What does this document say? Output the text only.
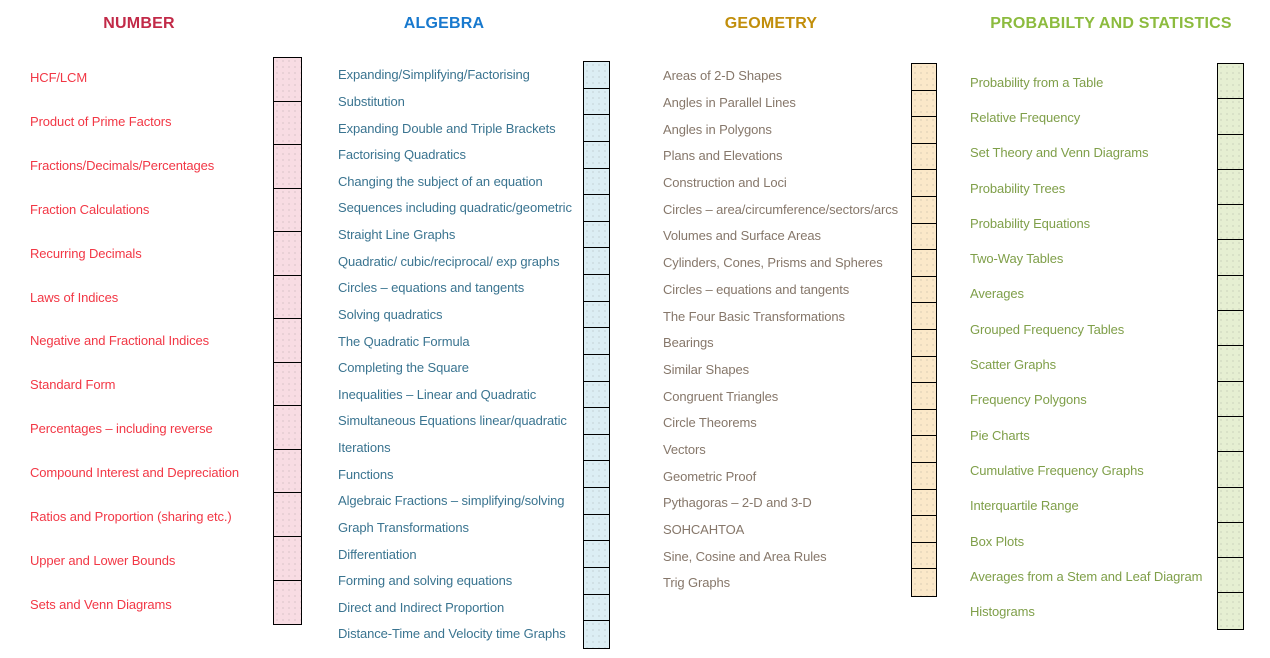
NUMBER
HCF/LCM
Product of Prime Factors
Fractions/Decimals/Percentages
Fraction Calculations
Recurring Decimals
Laws of Indices
Negative and Fractional Indices
Standard Form
Percentages – including reverse
Compound Interest and Depreciation
Ratios and Proportion (sharing etc.)
Upper and Lower Bounds
Sets and Venn Diagrams
ALGEBRA
Expanding/Simplifying/Factorising
Substitution
Expanding Double and Triple Brackets
Factorising Quadratics
Changing the subject of an equation
Sequences including quadratic/geometric
Straight Line Graphs
Quadratic/ cubic/reciprocal/ exp graphs
Circles – equations and tangents
Solving quadratics
The Quadratic Formula
Completing the Square
Inequalities – Linear and Quadratic
Simultaneous Equations linear/quadratic
Iterations
Functions
Algebraic Fractions – simplifying/solving
Graph Transformations
Differentiation
Forming and solving equations
Direct and Indirect Proportion
Distance-Time and Velocity time Graphs
GEOMETRY
Areas of 2-D Shapes
Angles in Parallel Lines
Angles in Polygons
Plans and Elevations
Construction and Loci
Circles – area/circumference/sectors/arcs
Volumes and Surface Areas
Cylinders, Cones, Prisms and Spheres
Circles – equations and tangents
The Four Basic Transformations
Bearings
Similar Shapes
Congruent Triangles
Circle Theorems
Vectors
Geometric Proof
Pythagoras – 2-D and 3-D
SOHCAHTOA
Sine, Cosine and Area Rules
Trig Graphs
PROBABILTY AND STATISTICS
Probability from a Table
Relative Frequency
Set Theory and Venn Diagrams
Probability Trees
Probability Equations
Two-Way Tables
Averages
Grouped Frequency Tables
Scatter Graphs
Frequency Polygons
Pie Charts
Cumulative Frequency Graphs
Interquartile Range
Box Plots
Averages from a Stem and Leaf Diagram
Histograms
